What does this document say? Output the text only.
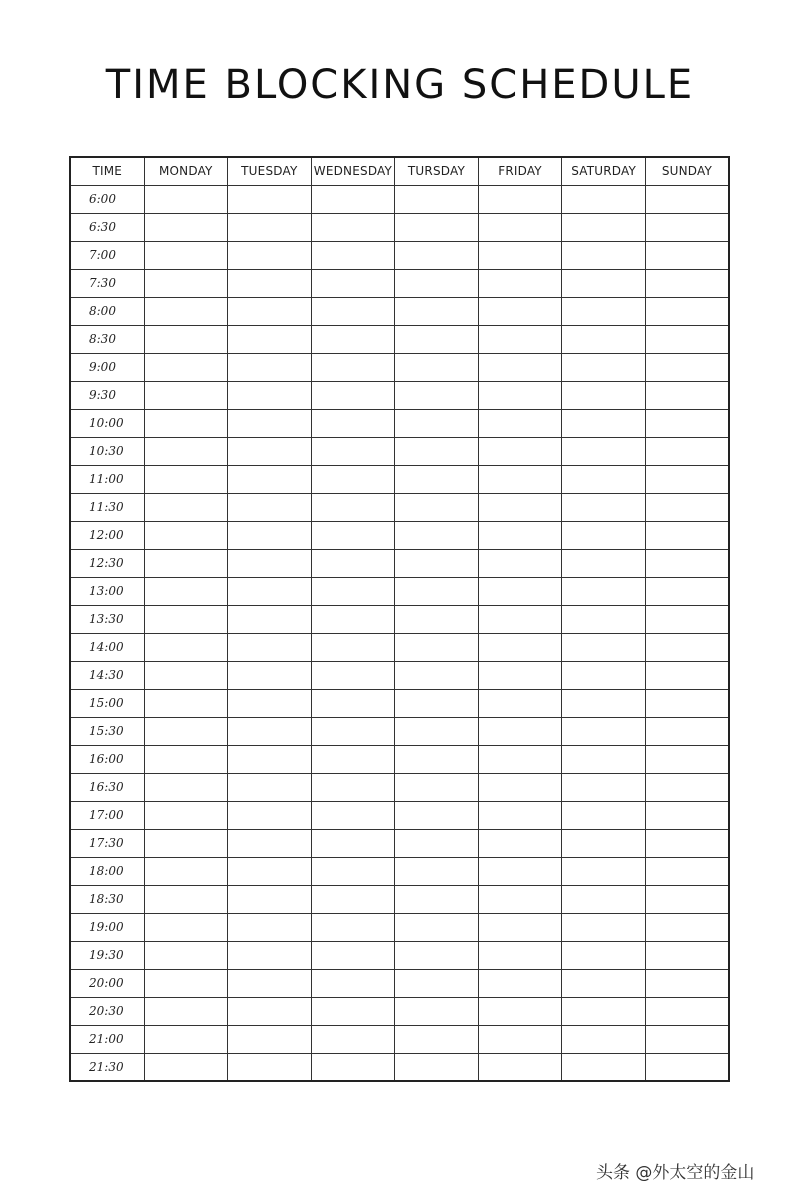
TIME BLOCKING SCHEDULE
TIME	MONDAY	TUESDAY	WEDNESDAY	TURSDAY	FRIDAY	SATURDAY	SUNDAY
6:00							
6:30							
7:00							
7:30							
8:00							
8:30							
9:00							
9:30							
10:00							
10:30							
11:00							
11:30							
12:00							
12:30							
13:00							
13:30							
14:00							
14:30							
15:00							
15:30							
16:00							
16:30							
17:00							
17:30							
18:00							
18:30							
19:00							
19:30							
20:00							
20:30							
21:00							
21:30							
头条 @外太空的金山
